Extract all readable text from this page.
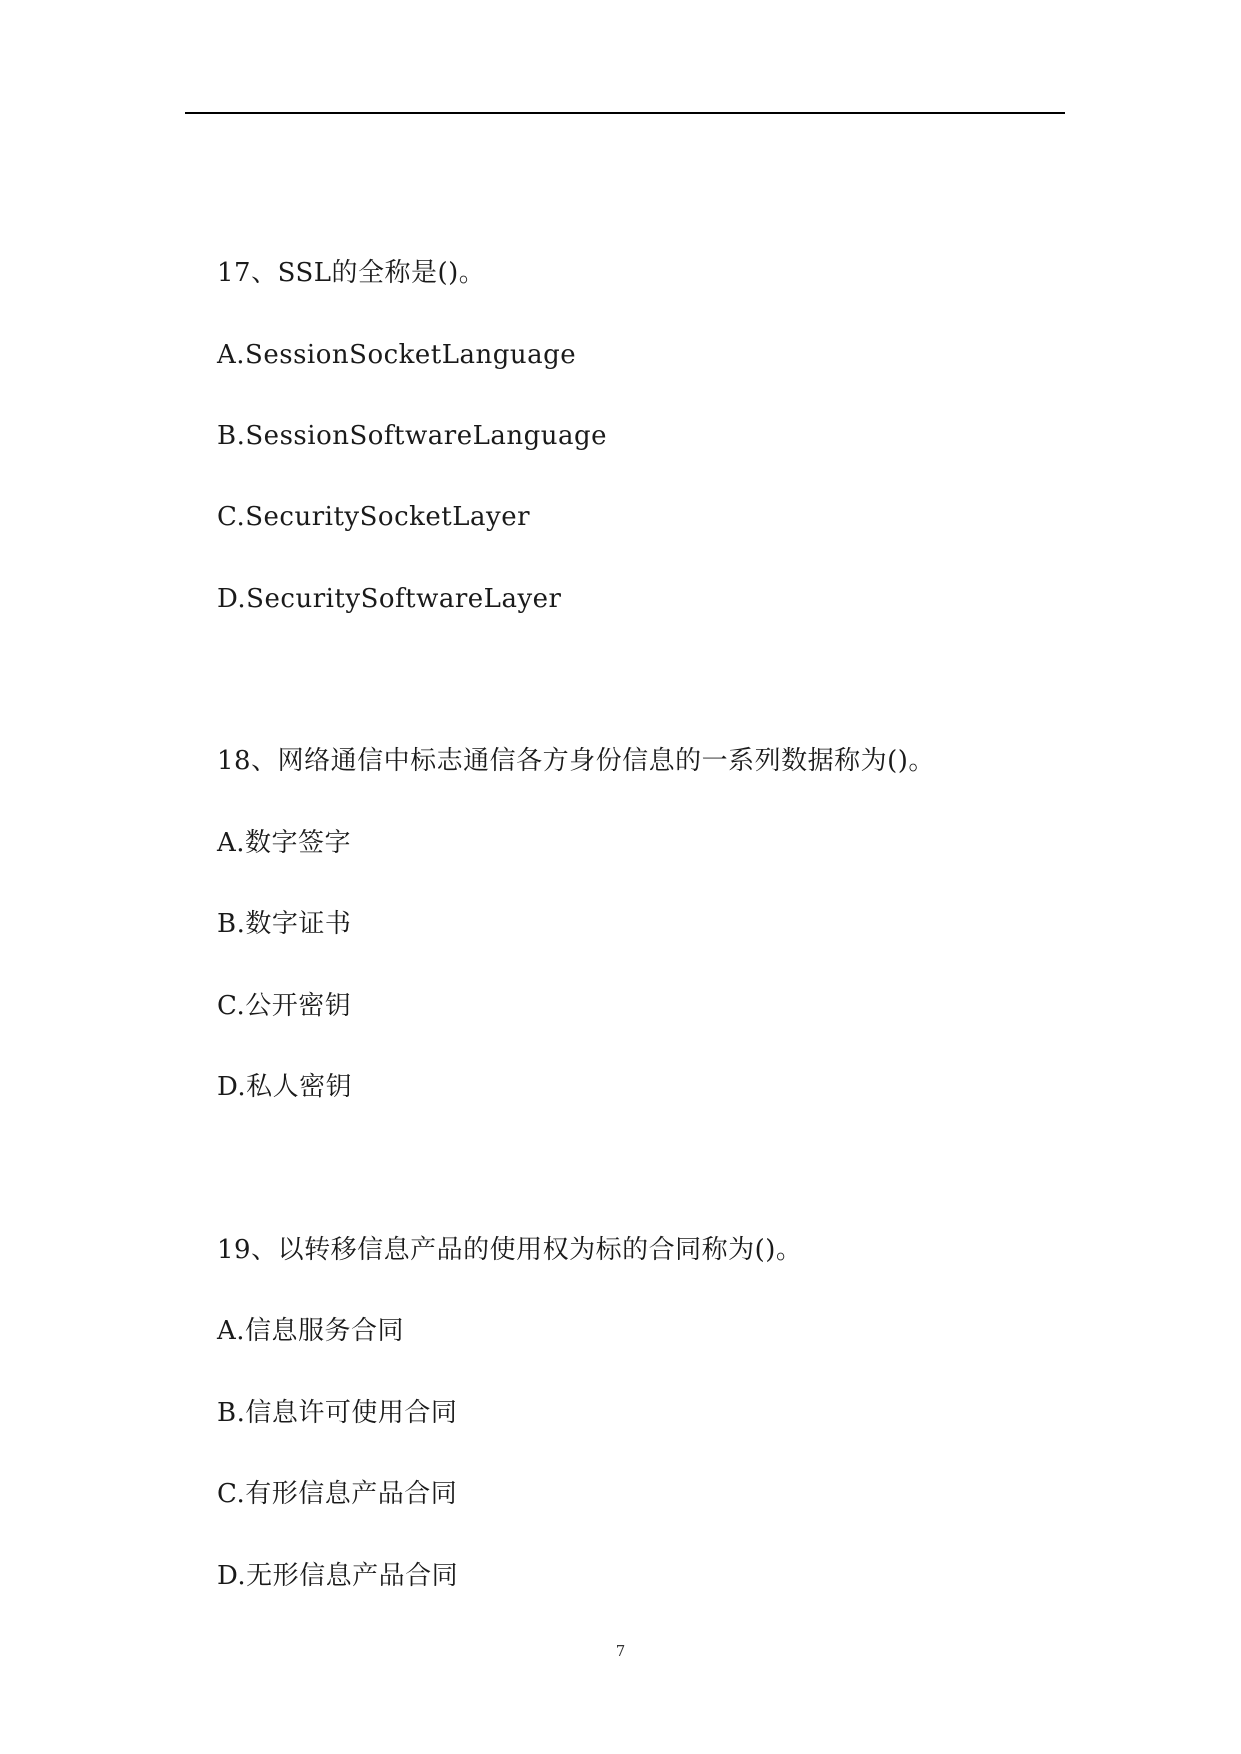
17、SSL的全称是()。
A.SessionSocketLanguage
B.SessionSoftwareLanguage
C.SecuritySocketLayer
D.SecuritySoftwareLayer
18、网络通信中标志通信各方身份信息的一系列数据称为()。
A.数字签字
B.数字证书
C.公开密钥
D.私人密钥
19、以转移信息产品的使用权为标的合同称为()。
A.信息服务合同
B.信息许可使用合同
C.有形信息产品合同
D.无形信息产品合同
7
